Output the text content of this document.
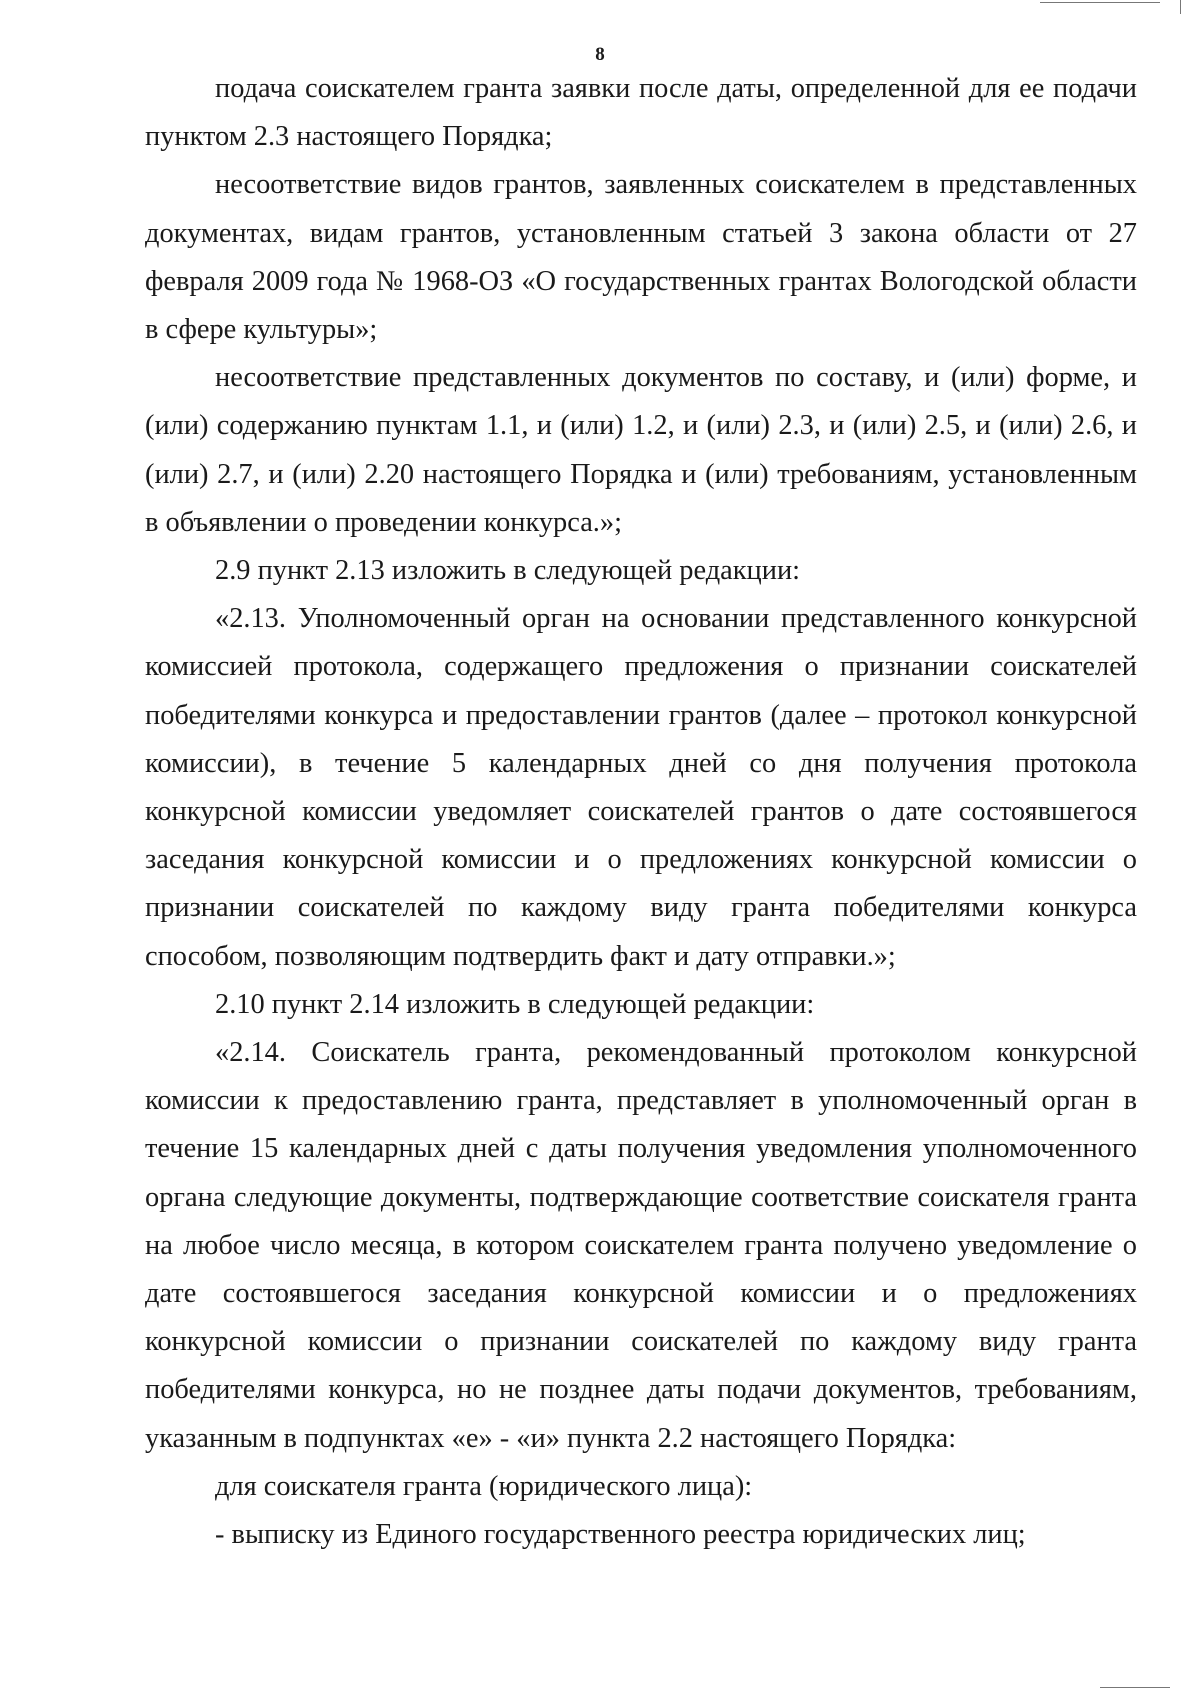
8

подача соискателем гранта заявки после даты, определенной для ее подачи пунктом 2.3 настоящего Порядка;

несоответствие видов грантов, заявленных соискателем в представленных документах, видам грантов, установленным статьей 3 закона области от 27 февраля 2009 года № 1968-ОЗ «О государственных грантах Вологодской области в сфере культуры»;

несоответствие представленных документов по составу, и (или) форме, и (или) содержанию пунктам 1.1, и (или) 1.2, и (или) 2.3, и (или) 2.5, и (или) 2.6, и (или) 2.7, и (или) 2.20 настоящего Порядка и (или) требованиям, установленным в объявлении о проведении конкурса.»;

2.9 пункт 2.13 изложить в следующей редакции:

«2.13. Уполномоченный орган на основании представленного конкурсной комиссией протокола, содержащего предложения о признании соискателей победителями конкурса и предоставлении грантов (далее – протокол конкурсной комиссии), в течение 5 календарных дней со дня получения протокола конкурсной комиссии уведомляет соискателей грантов о дате состоявшегося заседания конкурсной комиссии и о предложениях конкурсной комиссии о признании соискателей по каждому виду гранта победителями конкурса способом, позволяющим подтвердить факт и дату отправки.»;

2.10 пункт 2.14 изложить в следующей редакции:

«2.14. Соискатель гранта, рекомендованный протоколом конкурсной комиссии к предоставлению гранта, представляет в уполномоченный орган в течение 15 календарных дней с даты получения уведомления уполномоченного органа следующие документы, подтверждающие соответствие соискателя гранта на любое число месяца, в котором соискателем гранта получено уведомление о дате состоявшегося заседания конкурсной комиссии и о предложениях конкурсной комиссии о признании соискателей по каждому виду гранта победителями конкурса, но не позднее даты подачи документов, требованиям, указанным в подпунктах «е» - «и» пункта 2.2 настоящего Порядка:

для соискателя гранта (юридического лица):

- выписку из Единого государственного реестра юридических лиц;
